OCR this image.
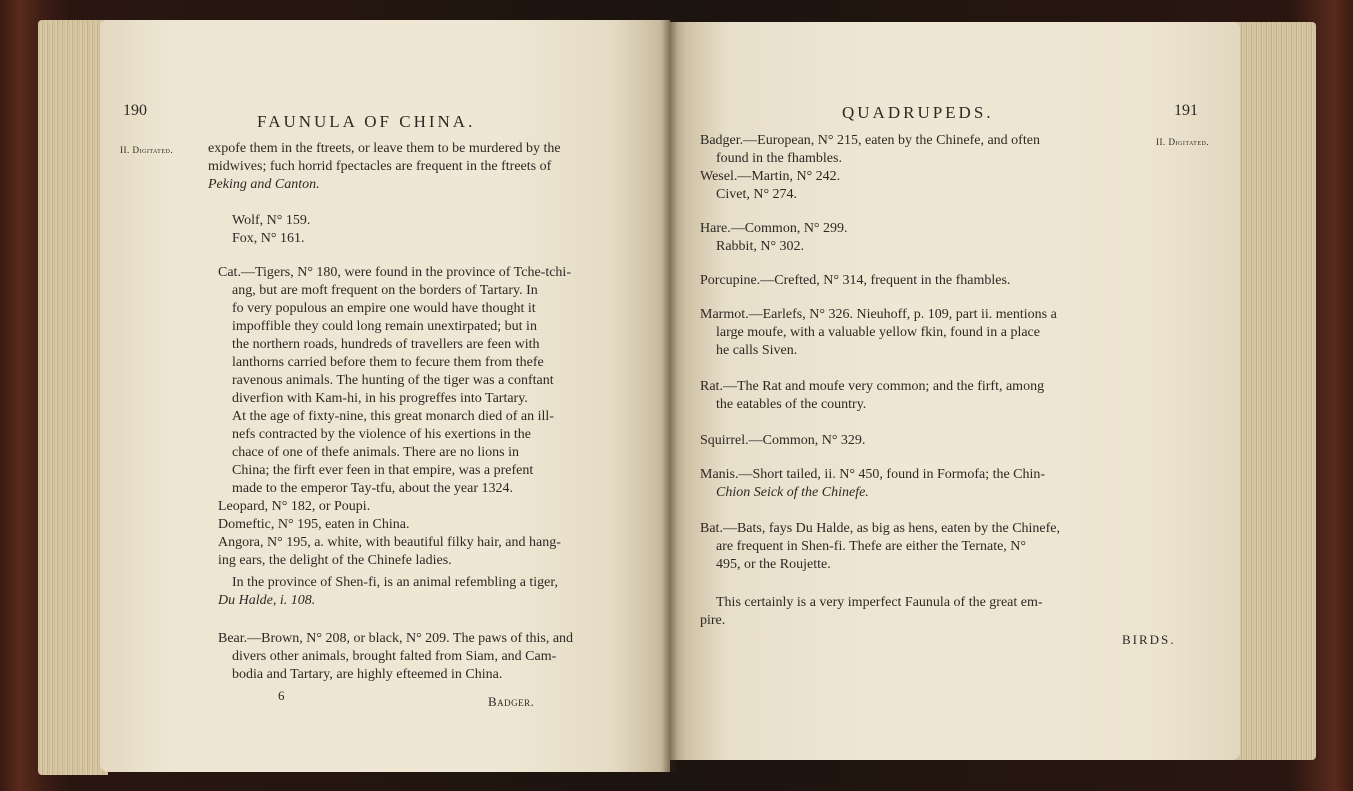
190
FAUNULA OF CHINA.
II. Digitated. expofe them in the ftreets, or leave them to be murdered by the
midwives; fuch horrid fpectacles are frequent in the ftreets of
Peking and Canton.
Wolf, N° 159.
Fox, N° 161.
Cat.—Tigers, N° 180, were found in the province of Tche-tchi-
ang, but are moft frequent on the borders of Tartary. In
fo very populous an empire one would have thought it
impoffible they could long remain unextirpated; but in
the northern roads, hundreds of travellers are feen with
lanthorns carried before them to fecure them from thefe
ravenous animals. The hunting of the tiger was a conftant
diverfion with Kam-hi, in his progreffes into Tartary.
At the age of fixty-nine, this great monarch died of an ill-
nefs contracted by the violence of his exertions in the
chace of one of thefe animals. There are no lions in
China; the firft ever feen in that empire, was a prefent
made to the emperor Tay-tfu, about the year 1324.
Leopard, N° 182, or Poupi.
Domeftic, N° 195, eaten in China.
Angora, N° 195, a. white, with beautiful filky hair, and hang-
ing ears, the delight of the Chinefe ladies.
In the province of Shen-fi, is an animal refembling a tiger,
Du Halde, i. 108.
Bear.—Brown, N° 208, or black, N° 209. The paws of this, and
divers other animals, brought falted from Siam, and Cam-
bodia and Tartary, are highly efteemed in China.
6	Badger.
QUADRUPEDS.	191
II. Digitated.
Badger.—European, N° 215, eaten by the Chinefe, and often
found in the fhambles.
Wesel.—Martin, N° 242.
Civet, N° 274.
Hare.—Common, N° 299.
Rabbit, N° 302.
Porcupine.—Crefted, N° 314, frequent in the fhambles.
Marmot.—Earlefs, N° 326. Nieuhoff, p. 109, part ii. mentions a
large moufe, with a valuable yellow fkin, found in a place
he calls Siven.
Rat.—The Rat and moufe very common; and the firft, among
the eatables of the country.
Squirrel.—Common, N° 329.
Manis.—Short tailed, ii. N° 450, found in Formofa; the Chin-
Chion Seick of the Chinefe.
Bat.—Bats, fays Du Halde, as big as hens, eaten by the Chinefe,
are frequent in Shen-fi. Thefe are either the Ternate, N°
495, or the Roujette.
This certainly is a very imperfect Faunula of the great em-
pire.
BIRDS.
